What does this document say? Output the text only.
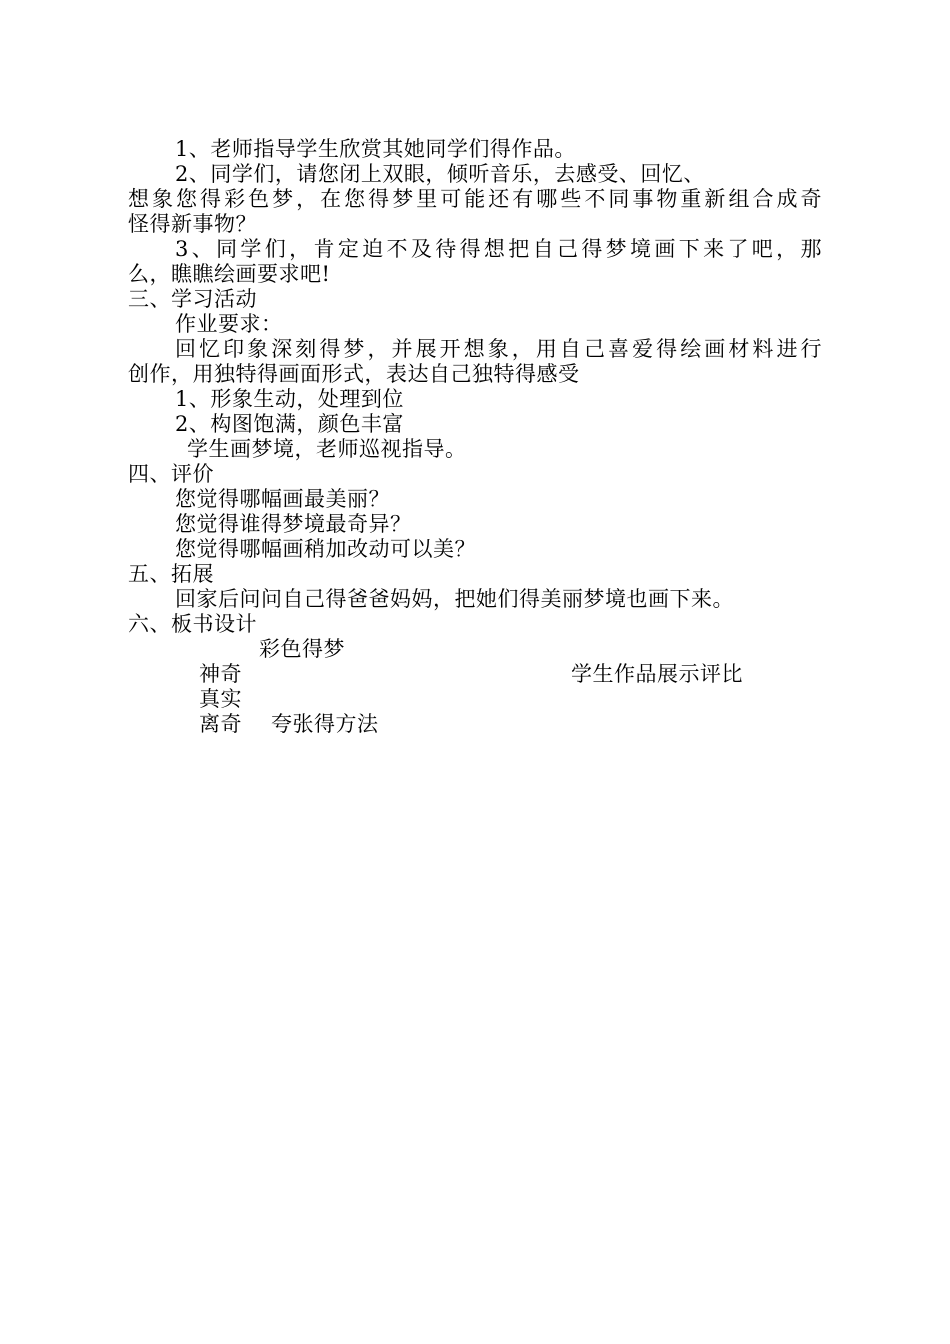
1、老师指导学生欣赏其她同学们得作品。
2、同学们，请您闭上双眼，倾听音乐，去感受、回忆、
想象您得彩色梦，在您得梦里可能还有哪些不同事物重新组合成奇
怪得新事物？
3、同学们，肯定迫不及待得想把自己得梦境画下来了吧，那
么，瞧瞧绘画要求吧!
三、学习活动
作业要求：
回忆印象深刻得梦，并展开想象，用自己喜爱得绘画材料进行
创作，用独特得画面形式，表达自己独特得感受
1、形象生动，处理到位
2、构图饱满，颜色丰富
学生画梦境，老师巡视指导。
四、评价
您觉得哪幅画最美丽？
您觉得谁得梦境最奇异？
您觉得哪幅画稍加改动可以美？
五、拓展
回家后问问自己得爸爸妈妈，把她们得美丽梦境也画下来。
六、板书设计
彩色得梦
神奇	学生作品展示评比
真实
离奇 夸张得方法
